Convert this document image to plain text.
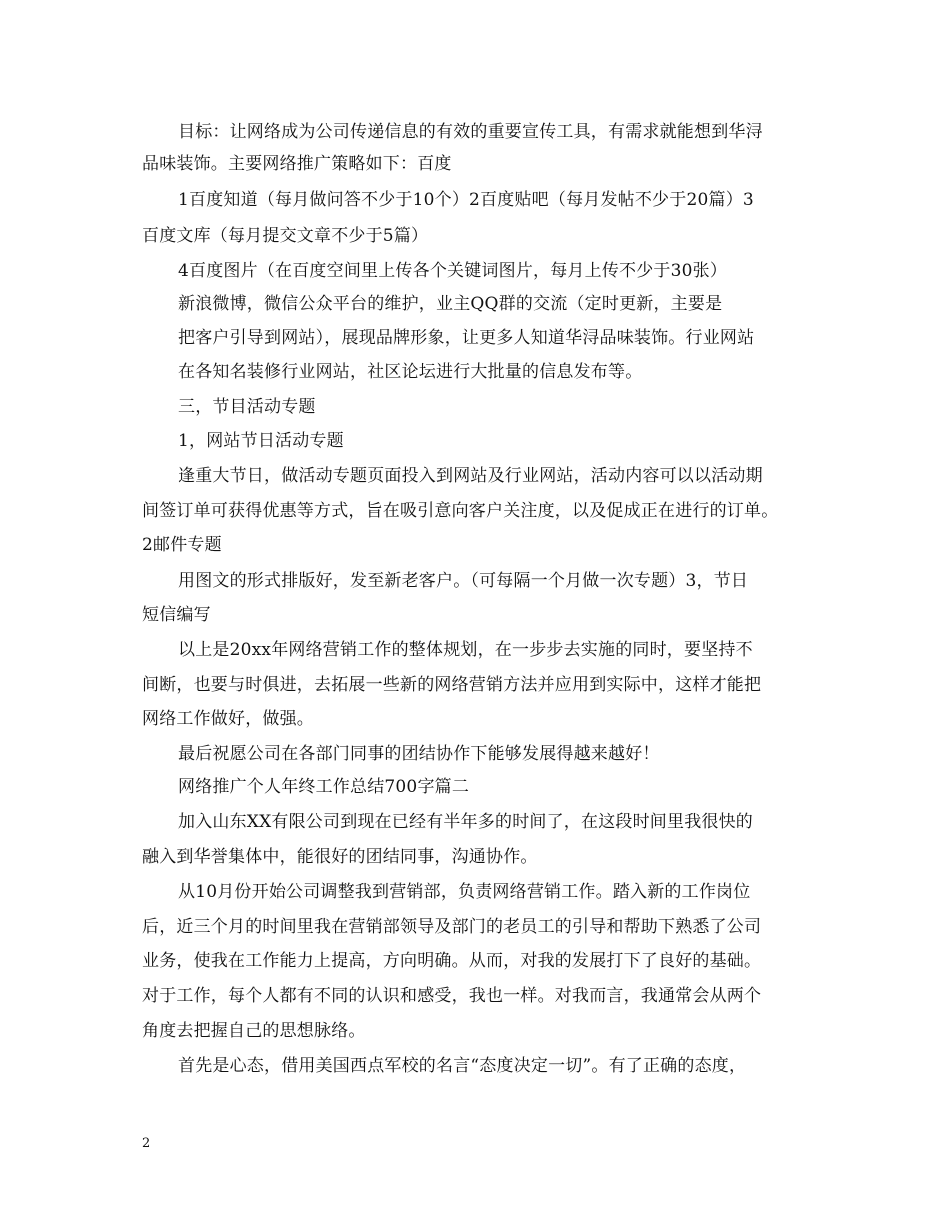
目标：让网络成为公司传递信息的有效的重要宣传工具，有需求就能想到华浔
品味装饰。主要网络推广策略如下：百度
1百度知道（每月做问答不少于10个）2百度贴吧（每月发帖不少于20篇）3
百度文库（每月提交文章不少于5篇）
4百度图片（在百度空间里上传各个关键词图片，每月上传不少于30张）
新浪微博，微信公众平台的维护，业主QQ群的交流（定时更新，主要是
把客户引导到网站），展现品牌形象，让更多人知道华浔品味装饰。行业网站
在各知名装修行业网站，社区论坛进行大批量的信息发布等。
三，节目活动专题
1，网站节日活动专题
逢重大节日，做活动专题页面投入到网站及行业网站，活动内容可以以活动期
间签订单可获得优惠等方式，旨在吸引意向客户关注度，以及促成正在进行的订单。
2邮件专题
用图文的形式排版好，发至新老客户。（可每隔一个月做一次专题）3，节日
短信编写
以上是20xx年网络营销工作的整体规划，在一步步去实施的同时，要坚持不
间断，也要与时俱进，去拓展一些新的网络营销方法并应用到实际中，这样才能把
网络工作做好，做强。
最后祝愿公司在各部门同事的团结协作下能够发展得越来越好！
网络推广个人年终工作总结700字篇二
加入山东XX有限公司到现在已经有半年多的时间了，在这段时间里我很快的
融入到华誉集体中，能很好的团结同事，沟通协作。
从10月份开始公司调整我到营销部，负责网络营销工作。踏入新的工作岗位
后，近三个月的时间里我在营销部领导及部门的老员工的引导和帮助下熟悉了公司
业务，使我在工作能力上提高，方向明确。从而，对我的发展打下了良好的基础。
对于工作，每个人都有不同的认识和感受，我也一样。对我而言，我通常会从两个
角度去把握自己的思想脉络。
首先是心态，借用美国西点军校的名言“态度决定一切”。有了正确的态度，
2
